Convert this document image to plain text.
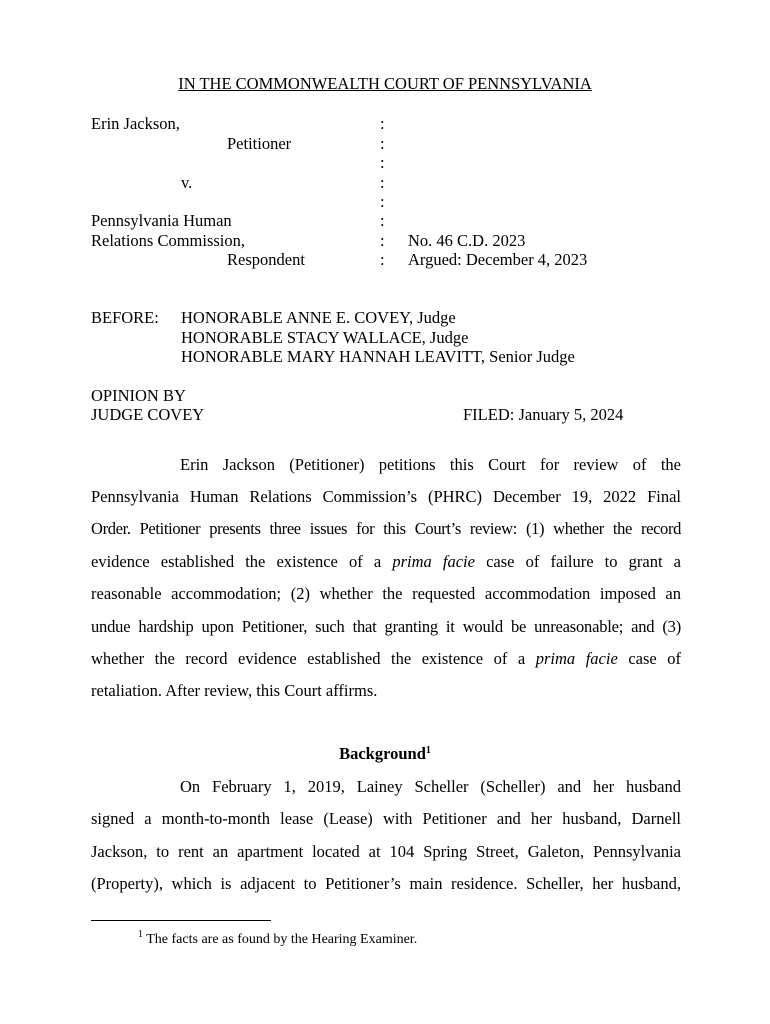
IN THE COMMONWEALTH COURT OF PENNSYLVANIA
Erin Jackson,
Petitioner
v.
Pennsylvania Human
Relations Commission,
Respondent
:
:
:
:
:
:
:
:
No. 46 C.D. 2023
Argued: December 4, 2023
BEFORE: HONORABLE ANNE E. COVEY, Judge
HONORABLE STACY WALLACE, Judge
HONORABLE MARY HANNAH LEAVITT, Senior Judge
OPINION BY
JUDGE COVEY	FILED: January 5, 2024
Erin Jackson (Petitioner) petitions this Court for review of the
Pennsylvania Human Relations Commission’s (PHRC) December 19, 2022 Final
Order. Petitioner presents three issues for this Court’s review: (1) whether the record
evidence established the existence of a prima facie case of failure to grant a
reasonable accommodation; (2) whether the requested accommodation imposed an
undue hardship upon Petitioner, such that granting it would be unreasonable; and (3)
whether the record evidence established the existence of a prima facie case of
retaliation. After review, this Court affirms.
Background$^1$
On February 1, 2019, Lainey Scheller (Scheller) and her husband
signed a month-to-month lease (Lease) with Petitioner and her husband, Darnell
Jackson, to rent an apartment located at 104 Spring Street, Galeton, Pennsylvania
(Property), which is adjacent to Petitioner’s main residence. Scheller, her husband,
$^1$ The facts are as found by the Hearing Examiner.
